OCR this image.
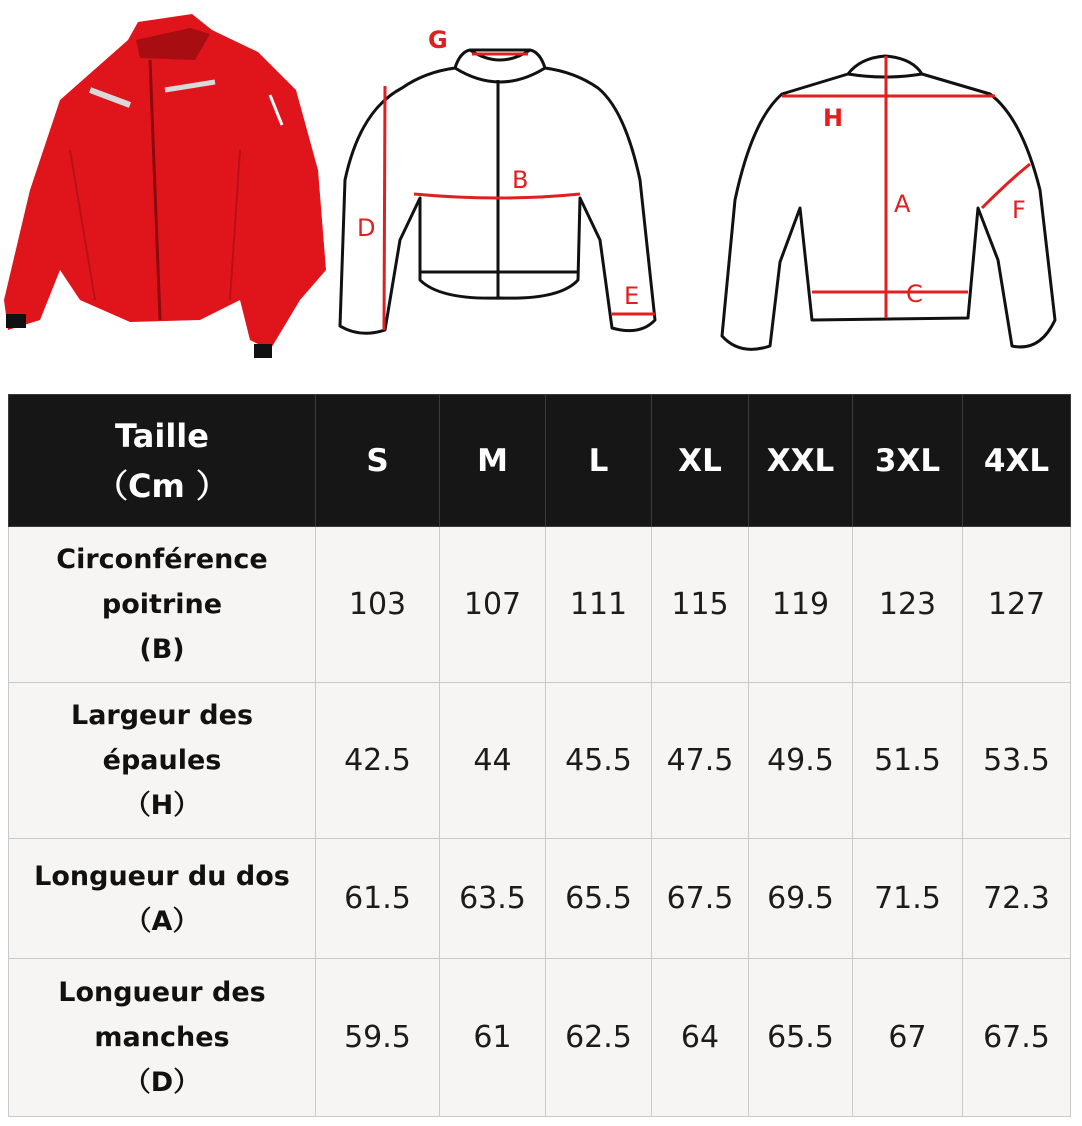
G
B
D
E
H
A	F
C
Taille
（Cm ）	S	M	L	XL	XXL	3XL	4XL

Circonférence
poitrine
(B)	103	107	111	115	119	123	127

Largeur des
épaules
（H）	42.5	44	45.5	47.5	49.5	51.5	53.5

Longueur du dos
（A）	61.5	63.5	65.5	67.5	69.5	71.5	72.3

Longueur des
manches
（D）	59.5	61	62.5	64	65.5	67	67.5
